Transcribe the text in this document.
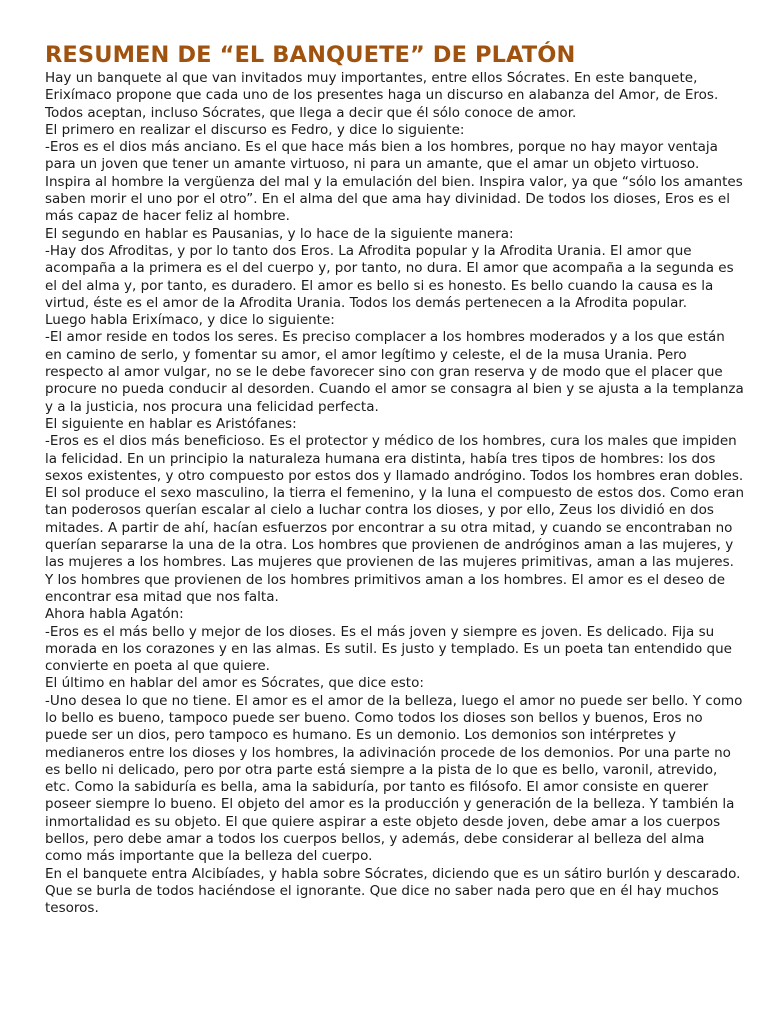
RESUMEN DE “EL BANQUETE” DE PLATÓN

Hay un banquete al que van invitados muy importantes, entre ellos Sócrates. En este banquete, Erixímaco propone que cada uno de los presentes haga un discurso en alabanza del Amor, de Eros. Todos aceptan, incluso Sócrates, que llega a decir que él sólo conoce de amor.

El primero en realizar el discurso es Fedro, y dice lo siguiente:

-Eros es el dios más anciano. Es el que hace más bien a los hombres, porque no hay mayor ventaja para un joven que tener un amante virtuoso, ni para un amante, que el amar un objeto virtuoso. Inspira al hombre la vergüenza del mal y la emulación del bien. Inspira valor, ya que “sólo los amantes saben morir el uno por el otro”. En el alma del que ama hay divinidad. De todos los dioses, Eros es el más capaz de hacer feliz al hombre.

El segundo en hablar es Pausanias, y lo hace de la siguiente manera:

-Hay dos Afroditas, y por lo tanto dos Eros. La Afrodita popular y la Afrodita Urania. El amor que acompaña a la primera es el del cuerpo y, por tanto, no dura. El amor que acompaña a la segunda es el del alma y, por tanto, es duradero. El amor es bello si es honesto. Es bello cuando la causa es la virtud, éste es el amor de la Afrodita Urania. Todos los demás pertenecen a la Afrodita popular.

Luego habla Erixímaco, y dice lo siguiente:

-El amor reside en todos los seres. Es preciso complacer a los hombres moderados y a los que están en camino de serlo, y fomentar su amor, el amor legítimo y celeste, el de la musa Urania. Pero respecto al amor vulgar, no se le debe favorecer sino con gran reserva y de modo que el placer que procure no pueda conducir al desorden. Cuando el amor se consagra al bien y se ajusta a la templanza y a la justicia, nos procura una felicidad perfecta.

El siguiente en hablar es Aristófanes:

-Eros es el dios más beneficioso. Es el protector y médico de los hombres, cura los males que impiden la felicidad. En un principio la naturaleza humana era distinta, había tres tipos de hombres: los dos sexos existentes, y otro compuesto por estos dos y llamado andrógino. Todos los hombres eran dobles. El sol produce el sexo masculino, la tierra el femenino, y la luna el compuesto de estos dos. Como eran tan poderosos querían escalar al cielo a luchar contra los dioses, y por ello, Zeus los dividió en dos mitades. A partir de ahí, hacían esfuerzos por encontrar a su otra mitad, y cuando se encontraban no querían separarse la una de la otra. Los hombres que provienen de andróginos aman a las mujeres, y las mujeres a los hombres. Las mujeres que provienen de las mujeres primitivas, aman a las mujeres. Y los hombres que provienen de los hombres primitivos aman a los hombres. El amor es el deseo de encontrar esa mitad que nos falta.

Ahora habla Agatón:

-Eros es el más bello y mejor de los dioses. Es el más joven y siempre es joven. Es delicado. Fija su morada en los corazones y en las almas. Es sutil. Es justo y templado. Es un poeta tan entendido que convierte en poeta al que quiere.

El último en hablar del amor es Sócrates, que dice esto:

-Uno desea lo que no tiene. El amor es el amor de la belleza, luego el amor no puede ser bello. Y como lo bello es bueno, tampoco puede ser bueno. Como todos los dioses son bellos y buenos, Eros no puede ser un dios, pero tampoco es humano. Es un demonio. Los demonios son intérpretes y medianeros entre los dioses y los hombres, la adivinación procede de los demonios. Por una parte no es bello ni delicado, pero por otra parte está siempre a la pista de lo que es bello, varonil, atrevido, etc. Como la sabiduría es bella, ama la sabiduría, por tanto es filósofo. El amor consiste en querer poseer siempre lo bueno. El objeto del amor es la producción y generación de la belleza. Y también la inmortalidad es su objeto. El que quiere aspirar a este objeto desde joven, debe amar a los cuerpos bellos, pero debe amar a todos los cuerpos bellos, y además, debe considerar al belleza del alma como más importante que la belleza del cuerpo.

En el banquete entra Alcibíades, y habla sobre Sócrates, diciendo que es un sátiro burlón y descarado. Que se burla de todos haciéndose el ignorante. Que dice no saber nada pero que en él hay muchos tesoros.
